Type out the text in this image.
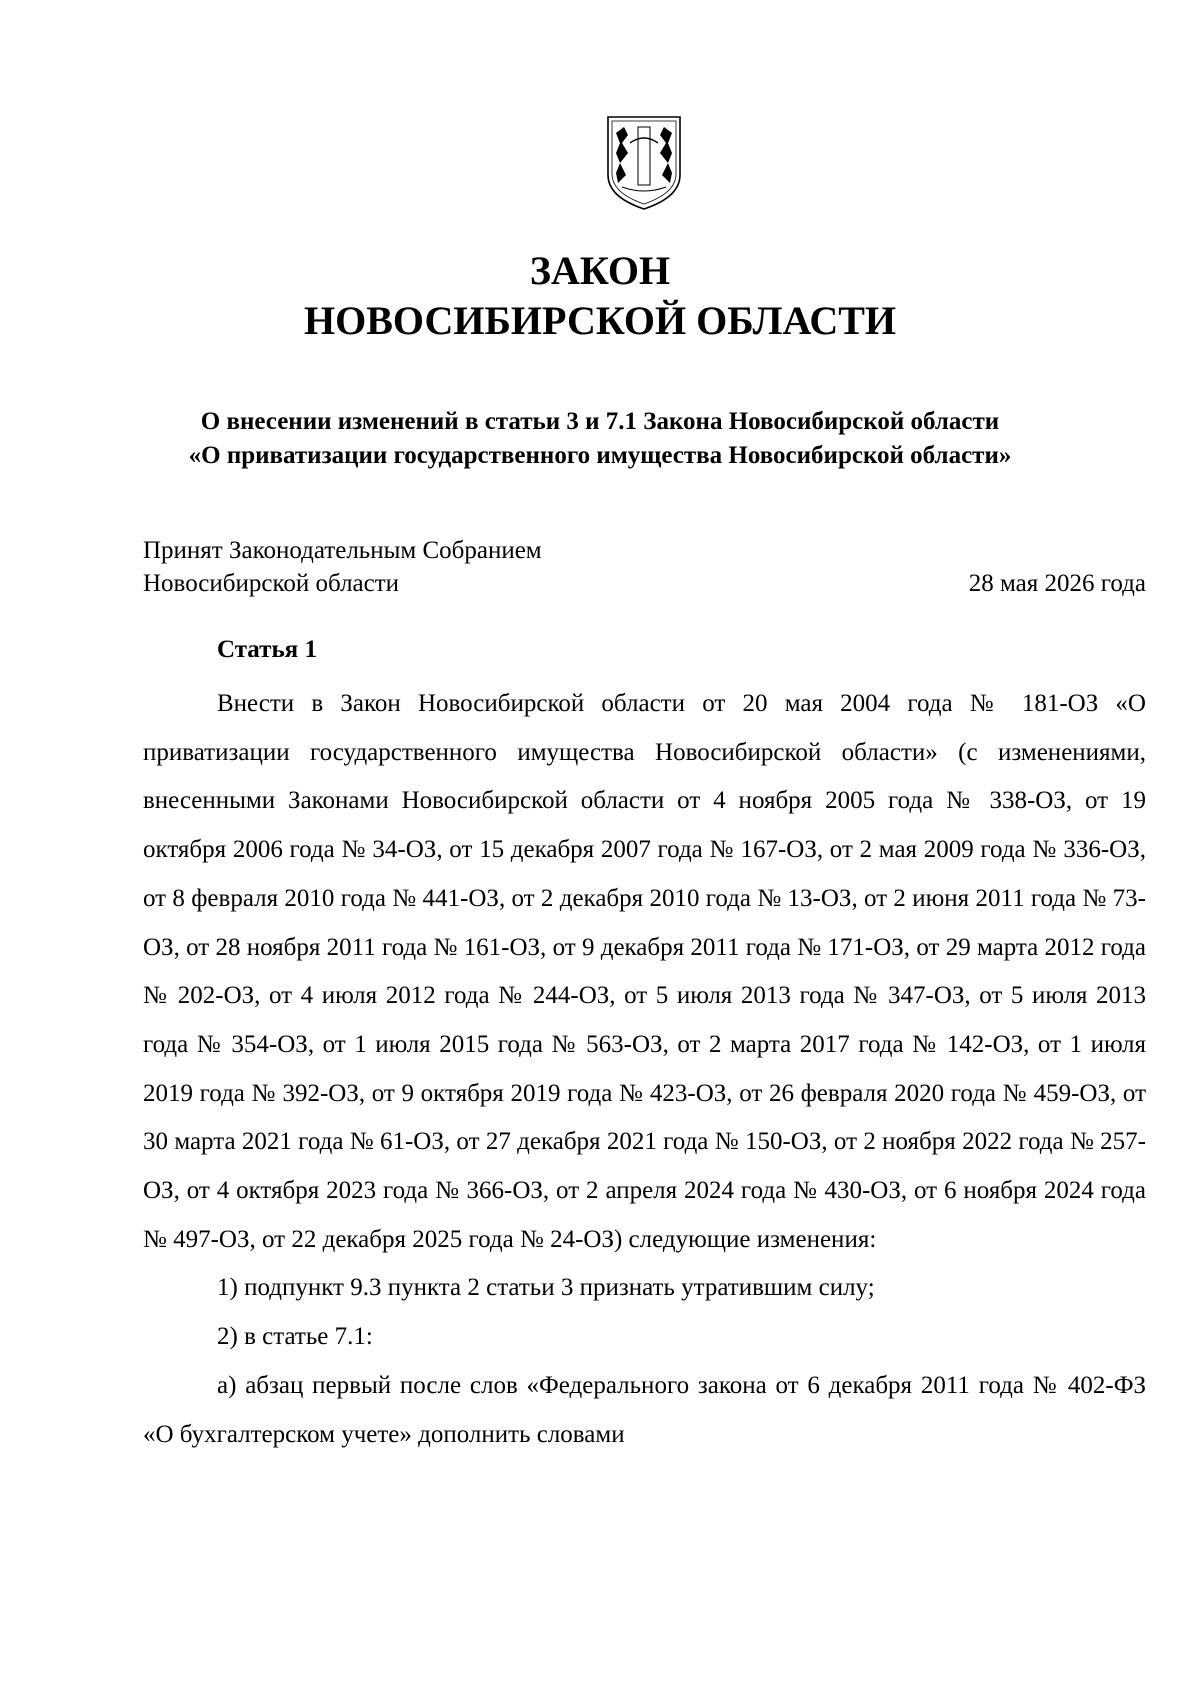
ЗАКОН
НОВОСИБИРСКОЙ ОБЛАСТИ
О внесении изменений в статьи 3 и 7.1 Закона Новосибирской области
«О приватизации государственного имущества Новосибирской области»
Принят Законодательным Собранием
Новосибирской области	28 мая 2026 года
Статья 1

Внести в Закон Новосибирской области от 20 мая 2004 года № 181-ОЗ «О приватизации государственного имущества Новосибирской области» (с изменениями, внесенными Законами Новосибирской области от 4 ноября 2005 года № 338-ОЗ, от 19 октября 2006 года № 34-ОЗ, от 15 декабря 2007 года № 167-ОЗ, от 2 мая 2009 года № 336-ОЗ, от 8 февраля 2010 года № 441-ОЗ, от 2 декабря 2010 года № 13-ОЗ, от 2 июня 2011 года № 73-ОЗ, от 28 ноября 2011 года № 161-ОЗ, от 9 декабря 2011 года № 171-ОЗ, от 29 марта 2012 года № 202-ОЗ, от 4 июля 2012 года № 244-ОЗ, от 5 июля 2013 года № 347-ОЗ, от 5 июля 2013 года № 354-ОЗ, от 1 июля 2015 года № 563-ОЗ, от 2 марта 2017 года № 142-ОЗ, от 1 июля 2019 года № 392-ОЗ, от 9 октября 2019 года № 423-ОЗ, от 26 февраля 2020 года № 459-ОЗ, от 30 марта 2021 года № 61-ОЗ, от 27 декабря 2021 года № 150-ОЗ, от 2 ноября 2022 года № 257-ОЗ, от 4 октября 2023 года № 366-ОЗ, от 2 апреля 2024 года № 430-ОЗ, от 6 ноября 2024 года № 497-ОЗ, от 22 декабря 2025 года № 24-ОЗ) следующие изменения:

1) подпункт 9.3 пункта 2 статьи 3 признать утратившим силу;

2) в статье 7.1:

а) абзац первый после слов «Федерального закона от 6 декабря 2011 года № 402-ФЗ «О бухгалтерском учете» дополнить словами
